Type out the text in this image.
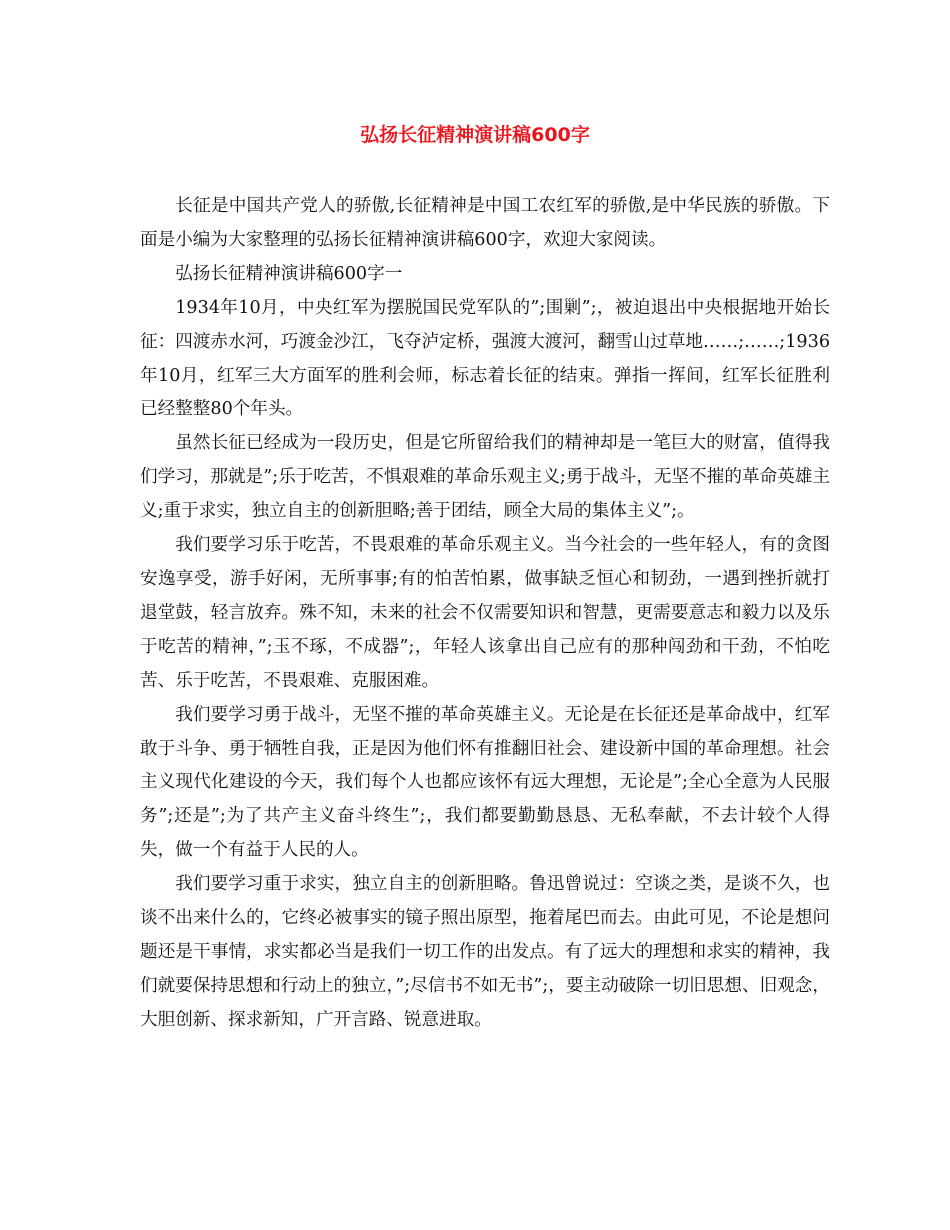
弘扬长征精神演讲稿600字

长征是中国共产党人的骄傲,长征精神是中国工农红军的骄傲,是中华民族的骄傲。下面是小编为大家整理的弘扬长征精神演讲稿600字，欢迎大家阅读。

弘扬长征精神演讲稿600字一

1934年10月，中央红军为摆脱国民党军队的”;围剿”;，被迫退出中央根据地开始长征：四渡赤水河，巧渡金沙江，飞夺泸定桥，强渡大渡河，翻雪山过草地……;……;1936年10月，红军三大方面军的胜利会师，标志着长征的结束。弹指一挥间，红军长征胜利已经整整80个年头。

虽然长征已经成为一段历史，但是它所留给我们的精神却是一笔巨大的财富，值得我们学习，那就是”;乐于吃苦，不惧艰难的革命乐观主义;勇于战斗，无坚不摧的革命英雄主义;重于求实，独立自主的创新胆略;善于团结，顾全大局的集体主义”;。

我们要学习乐于吃苦，不畏艰难的革命乐观主义。当今社会的一些年轻人，有的贪图安逸享受，游手好闲，无所事事;有的怕苦怕累，做事缺乏恒心和韧劲，一遇到挫折就打退堂鼓，轻言放弃。殊不知，未来的社会不仅需要知识和智慧，更需要意志和毅力以及乐于吃苦的精神，”;玉不琢，不成器”;，年轻人该拿出自己应有的那种闯劲和干劲，不怕吃苦、乐于吃苦，不畏艰难、克服困难。

我们要学习勇于战斗，无坚不摧的革命英雄主义。无论是在长征还是革命战中，红军敢于斗争、勇于牺牲自我，正是因为他们怀有推翻旧社会、建设新中国的革命理想。社会主义现代化建设的今天，我们每个人也都应该怀有远大理想，无论是”;全心全意为人民服务”;还是”;为了共产主义奋斗终生”;，我们都要勤勤恳恳、无私奉献，不去计较个人得失，做一个有益于人民的人。

我们要学习重于求实，独立自主的创新胆略。鲁迅曾说过：空谈之类，是谈不久，也谈不出来什么的，它终必被事实的镜子照出原型，拖着尾巴而去。由此可见，不论是想问题还是干事情，求实都必当是我们一切工作的出发点。有了远大的理想和求实的精神，我们就要保持思想和行动上的独立，”;尽信书不如无书”;，要主动破除一切旧思想、旧观念，大胆创新、探求新知，广开言路、锐意进取。
